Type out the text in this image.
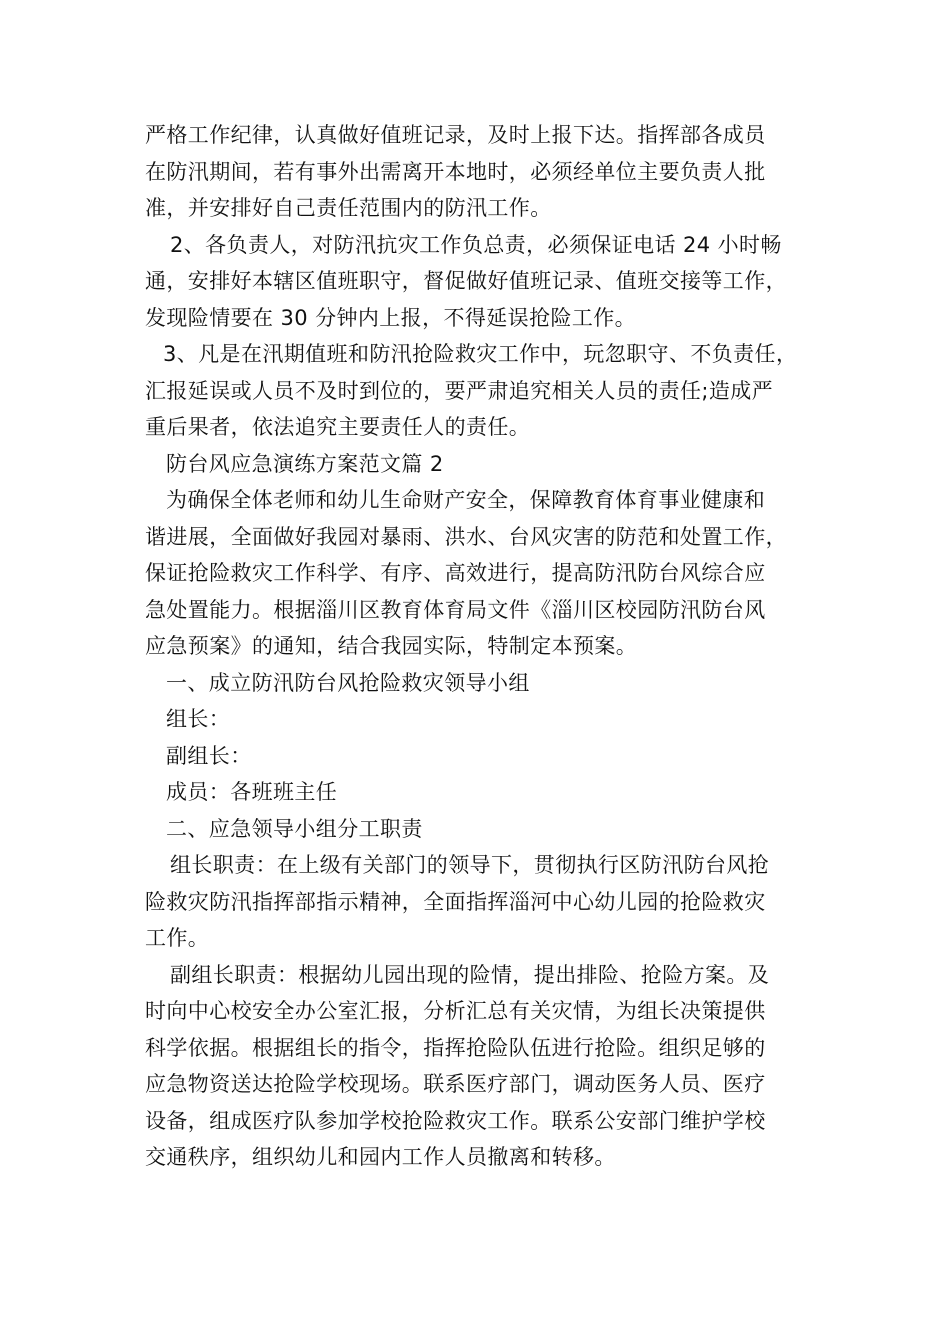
严格工作纪律，认真做好值班记录，及时上报下达。指挥部各成员
在防汛期间，若有事外出需离开本地时，必须经单位主要负责人批
准，并安排好自己责任范围内的防汛工作。
2、各负责人，对防汛抗灾工作负总责，必须保证电话 24 小时畅
通，安排好本辖区值班职守，督促做好值班记录、值班交接等工作，
发现险情要在 30 分钟内上报，不得延误抢险工作。
3、凡是在汛期值班和防汛抢险救灾工作中，玩忽职守、不负责任，
汇报延误或人员不及时到位的，要严肃追究相关人员的责任;造成严
重后果者，依法追究主要责任人的责任。
防台风应急演练方案范文篇 2
为确保全体老师和幼儿生命财产安全，保障教育体育事业健康和
谐进展，全面做好我园对暴雨、洪水、台风灾害的防范和处置工作，
保证抢险救灾工作科学、有序、高效进行，提高防汛防台风综合应
急处置能力。根据淄川区教育体育局文件《淄川区校园防汛防台风
应急预案》的通知，结合我园实际，特制定本预案。
一、成立防汛防台风抢险救灾领导小组
组长：
副组长：
成员：各班班主任
二、应急领导小组分工职责
组长职责：在上级有关部门的领导下，贯彻执行区防汛防台风抢
险救灾防汛指挥部指示精神，全面指挥淄河中心幼儿园的抢险救灾
工作。
副组长职责：根据幼儿园出现的险情，提出排险、抢险方案。及
时向中心校安全办公室汇报，分析汇总有关灾情，为组长决策提供
科学依据。根据组长的指令，指挥抢险队伍进行抢险。组织足够的
应急物资送达抢险学校现场。联系医疗部门，调动医务人员、医疗
设备，组成医疗队参加学校抢险救灾工作。联系公安部门维护学校
交通秩序，组织幼儿和园内工作人员撤离和转移。
